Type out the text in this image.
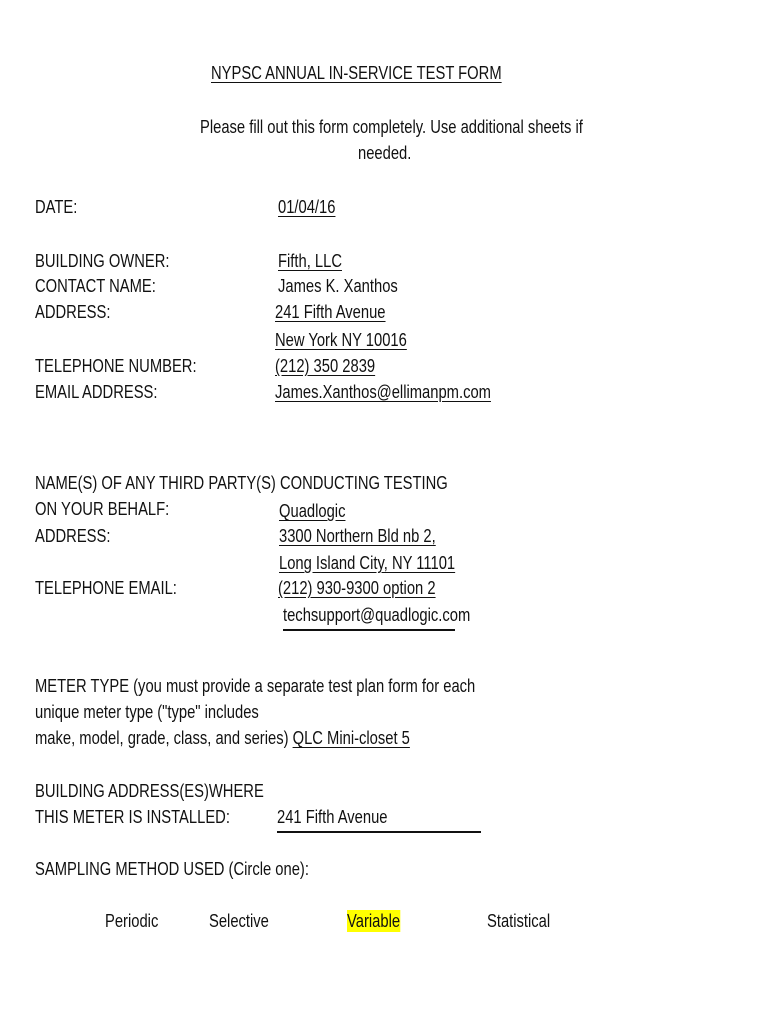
NYPSC ANNUAL IN-SERVICE TEST FORM
Please fill out this form completely. Use additional sheets if
needed.
DATE:	01/04/16
BUILDING OWNER:	Fifth, LLC
CONTACT NAME:	James K. Xanthos
ADDRESS:	241 Fifth Avenue
New York NY 10016
TELEPHONE NUMBER:	(212) 350 2839
EMAIL ADDRESS:	James.Xanthos@ellimanpm.com
NAME(S) OF ANY THIRD PARTY(S) CONDUCTING TESTING
ON YOUR BEHALF:	Quadlogic
ADDRESS:	3300 Northern Bld nb 2,
Long Island City, NY 11101
TELEPHONE EMAIL:	(212) 930-9300 option 2
techsupport@quadlogic.com
METER TYPE (you must provide a separate test plan form for each
unique meter type ("type" includes
make, model, grade, class, and series) QLC Mini-closet 5
BUILDING ADDRESS(ES)WHERE
THIS METER IS INSTALLED:	241 Fifth Avenue
SAMPLING METHOD USED (Circle one):
Periodic	Selective	Variable	Statistical
